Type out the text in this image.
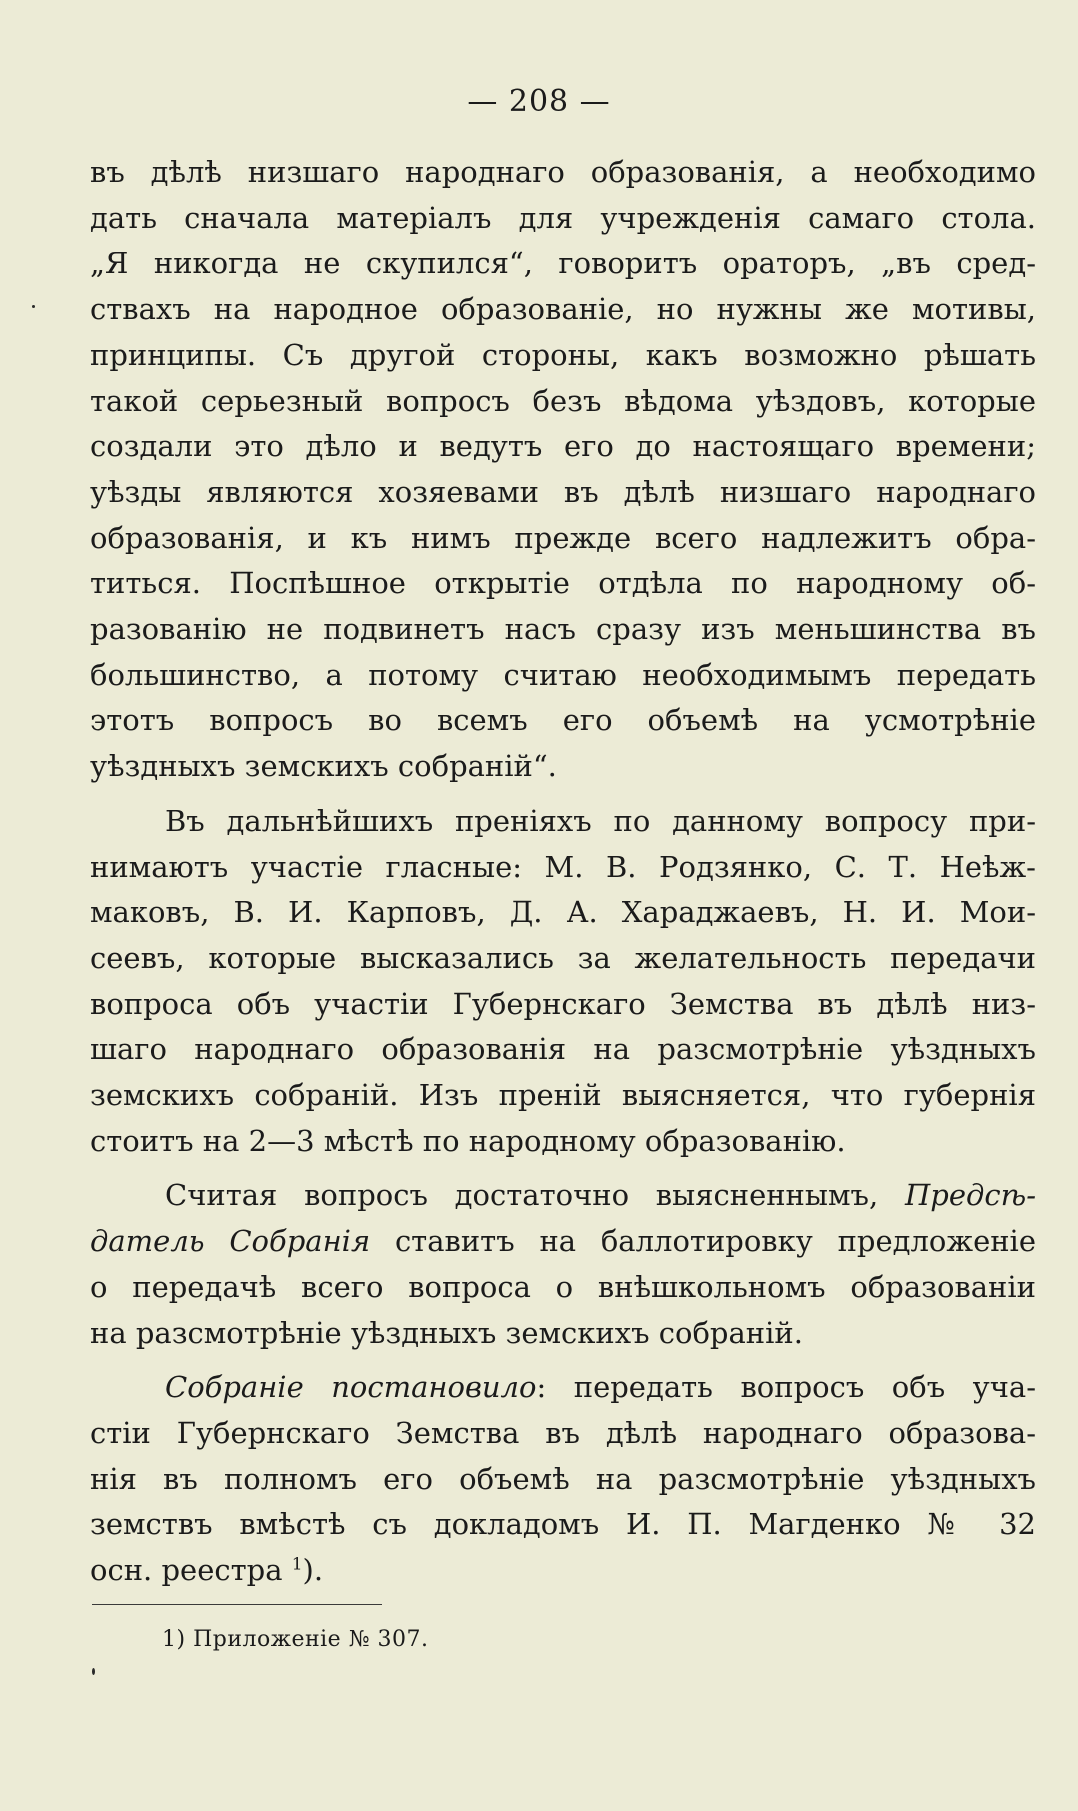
— 208 —

въ дѣлѣ низшаго народнаго образованія, а необходимо
дать сначала матеріалъ для учрежденія самаго стола.
„Я никогда не скупился“, говоритъ ораторъ, „въ сред-
ствахъ на народное образованіе, но нужны же мотивы,
принципы. Съ другой стороны, какъ возможно рѣшать
такой серьезный вопросъ безъ вѣдома уѣздовъ, которые
создали это дѣло и ведутъ его до настоящаго времени;
уѣзды являются хозяевами въ дѣлѣ низшаго народнаго
образованія, и къ нимъ прежде всего надлежитъ обра-
титься. Поспѣшное открытіе отдѣла по народному об-
разованію не подвинетъ насъ сразу изъ меньшинства въ
большинство, а потому считаю необходимымъ передать
этотъ вопросъ во всемъ его объемѣ на усмотрѣніе
уѣздныхъ земскихъ собраній“.

Въ дальнѣйшихъ преніяхъ по данному вопросу при-
нимаютъ участіе гласные: М. В. Родзянко, С. Т. Неѣж-
маковъ, В. И. Карповъ, Д. А. Хараджаевъ, Н. И. Мои-
сеевъ, которые высказались за желательность передачи
вопроса объ участіи Губернскаго Земства въ дѣлѣ низ-
шаго народнаго образованія на разсмотрѣніе уѣздныхъ
земскихъ собраній. Изъ преній выясняется, что губернія
стоитъ на 2—3 мѣстѣ по народному образованію.

Считая вопросъ достаточно выясненнымъ, Предсѣ-
датель Собранія ставитъ на баллотировку предложеніе
о передачѣ всего вопроса о внѣшкольномъ образованіи
на разсмотрѣніе уѣздныхъ земскихъ собраній.

Собраніе постановило: передать вопросъ объ уча-
стіи Губернскаго Земства въ дѣлѣ народнаго образова-
нія въ полномъ его объемѣ на разсмотрѣніе уѣздныхъ
земствъ вмѣстѣ съ докладомъ И. П. Магденко № 32
осн. реестра $^1$).

1) Приложеніе № 307.
